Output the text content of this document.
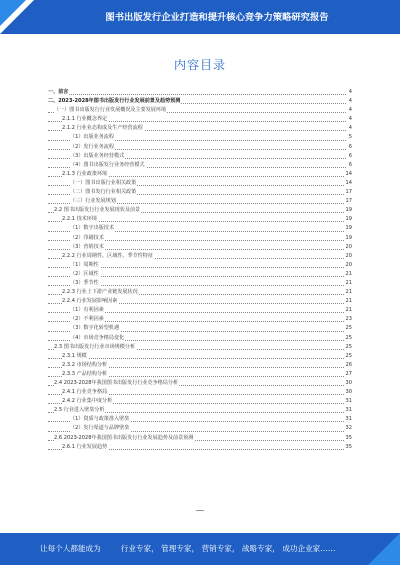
图书出版发行企业打造和提升核心竞争力策略研究报告
内容目录
一、前言	4
二、2023-2028年图书出版发行行业发展前景及趋势预测	4
（一）图书出版发行行业发展概况及主要发展环境	4
2.1.1 行业概念界定	4
2.1.2 行业业态构成及生产经营流程	4
（1）出版业务流程	5
（2）发行业务流程	6
（3）出版业务经营模式	6
（4）图书出版发行业务经营模式	6
2.1.3 行业政策环境	14
（一）图书出版行业相关政策	14
（二）图书发行行业相关政策	17
（三）行业发展规划	17
2.2 图书出版发行行业发展现状及前景	19
2.2.1 技术环境	19
（1）数字出版技术	19
（2）印刷技术	19
（3）营销技术	20
2.2.2 行业周期性、区域性、季节性特征	20
（1）周期性	20
（2）区域性	21
（3）季节性	21
2.2.3 行业上下游产业链发展状况	21
2.2.4 行业发展影响因素	21
（1）有利因素	21
（2）不利因素	23
（3）数字化转型机遇	25
（4）市场竞争格局变化	25
2.3 图书出版发行行业市场规模分析	25
2.3.1 规模	25
2.3.2 市场结构分析	26
2.3.3 产品结构分析	27
2.4 2023-2028年我国图书出版发行行业竞争格局分析	30
2.4.1 行业竞争格局	30
2.4.2 行业集中度分析	31
2.5 行业进入壁垒分析	31
（1）资质与政策准入壁垒	31
（2）发行渠道与品牌壁垒	32
2.6 2023-2028年我国图书出版发行行业发展趋势及前景预测	35
2.6.1 行业发展趋势	35
让每个人都能成为	行业专家， 管理专家， 营销专家， 战略专家， 成功企业家……
